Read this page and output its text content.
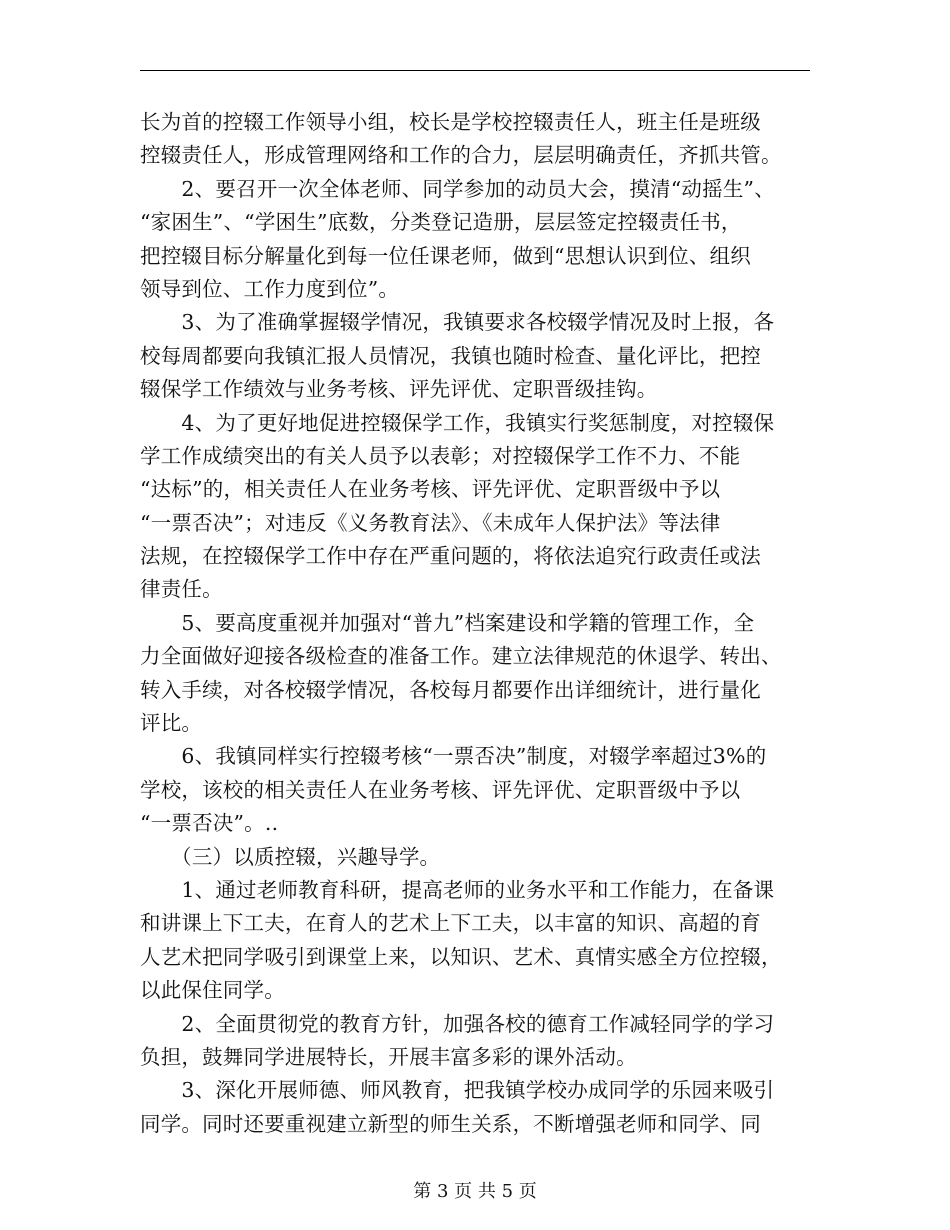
长为首的控辍工作领导小组，校长是学校控辍责任人，班主任是班级
控辍责任人，形成管理网络和工作的合力，层层明确责任，齐抓共管。
　　2、要召开一次全体老师、同学参加的动员大会，摸清“动摇生”、
“家困生”、“学困生”底数，分类登记造册，层层签定控辍责任书，
把控辍目标分解量化到每一位任课老师，做到“思想认识到位、组织
领导到位、工作力度到位”。
　　3、为了准确掌握辍学情况，我镇要求各校辍学情况及时上报，各
校每周都要向我镇汇报人员情况，我镇也随时检查、量化评比，把控
辍保学工作绩效与业务考核、评先评优、定职晋级挂钩。
　　4、为了更好地促进控辍保学工作，我镇实行奖惩制度，对控辍保
学工作成绩突出的有关人员予以表彰；对控辍保学工作不力、不能
“达标”的，相关责任人在业务考核、评先评优、定职晋级中予以
“一票否决”；对违反《义务教育法》、《未成年人保护法》等法律
法规，在控辍保学工作中存在严重问题的，将依法追究行政责任或法
律责任。
　　5、要高度重视并加强对“普九”档案建设和学籍的管理工作，全
力全面做好迎接各级检查的准备工作。建立法律规范的休退学、转出、
转入手续，对各校辍学情况，各校每月都要作出详细统计，进行量化
评比。
　　6、我镇同样实行控辍考核“一票否决”制度，对辍学率超过3%的
学校，该校的相关责任人在业务考核、评先评优、定职晋级中予以
“一票否决”。..
　　（三）以质控辍，兴趣导学。
　　1、通过老师教育科研，提高老师的业务水平和工作能力，在备课
和讲课上下工夫，在育人的艺术上下工夫，以丰富的知识、高超的育
人艺术把同学吸引到课堂上来，以知识、艺术、真情实感全方位控辍，
以此保住同学。
　　2、全面贯彻党的教育方针，加强各校的德育工作减轻同学的学习
负担，鼓舞同学进展特长，开展丰富多彩的课外活动。
　　3、深化开展师德、师风教育，把我镇学校办成同学的乐园来吸引
同学。同时还要重视建立新型的师生关系，不断增强老师和同学、同
第 3 页 共 5 页
